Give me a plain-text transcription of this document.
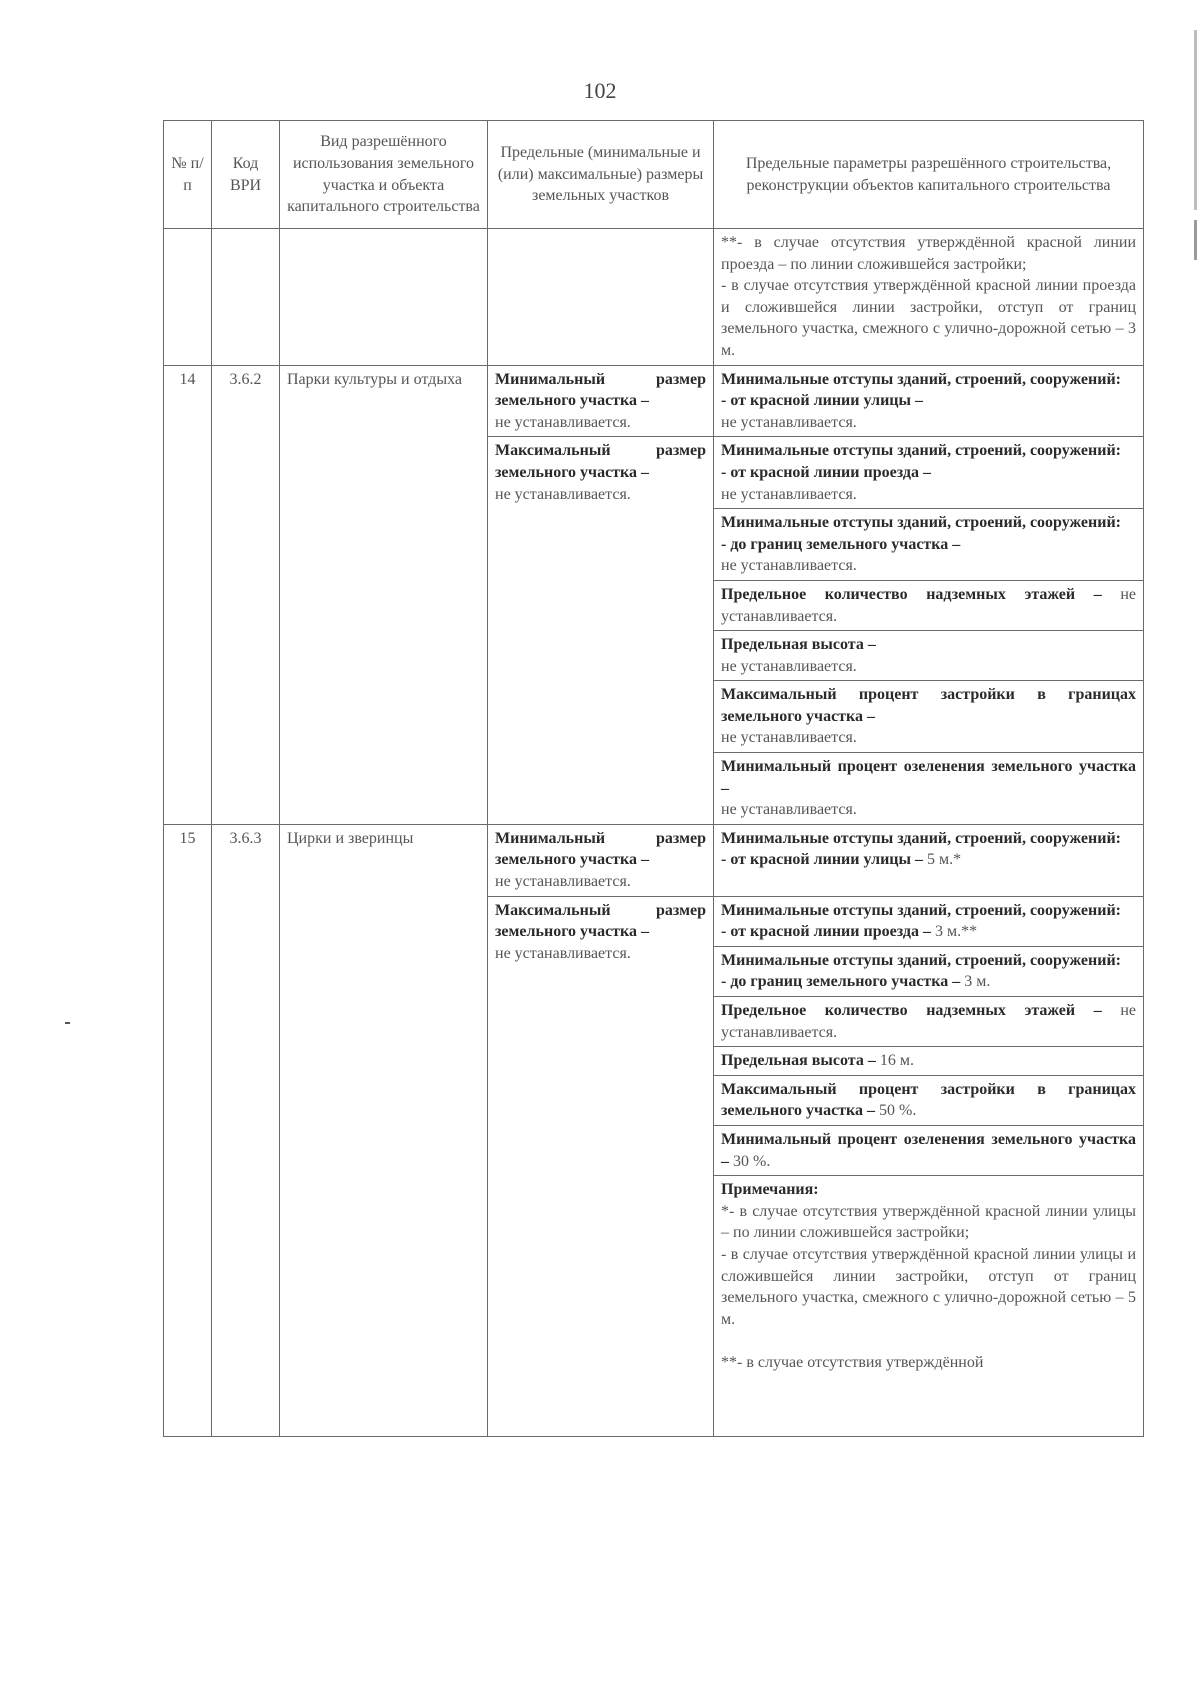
102
№ п/п	Код ВРИ	Вид разрешённого использования земельного участка и объекта капитального строительства	Предельные (минимальные и (или) максимальные) размеры земельных участков	Предельные параметры разрешённого строительства, реконструкции объектов капитального строительства

				**- в случае отсутствия утверждённой красной линии проезда – по линии сложившейся застройки;
- в случае отсутствия утверждённой красной линии проезда и сложившейся линии застройки, отступ от границ земельного участка, смежного с улично-дорожной сетью – 3 м.

14	3.6.2	Парки культуры и отдыха	Минимальный размер земельного участка –
не устанавливается.	Минимальные отступы зданий, строений, сооружений:
- от красной линии улицы –
не устанавливается.

			Максимальный размер земельного участка –
не устанавливается.	Минимальные отступы зданий, строений, сооружений:
- от красной линии проезда –
не устанавливается.

				Минимальные отступы зданий, строений, сооружений:
- до границ земельного участка –
не устанавливается.

				Предельное количество надземных этажей – не устанавливается.

				Предельная высота –
не устанавливается.

				Максимальный процент застройки в границах земельного участка –
не устанавливается.

				Минимальный процент озеленения земельного участка –
не устанавливается.

15	3.6.3	Цирки и зверинцы	Минимальный размер земельного участка –
не устанавливается.	Минимальные отступы зданий, строений, сооружений:
- от красной линии улицы – 5 м.*
			Максимальный размер земельного участка –
не устанавливается.	Минимальные отступы зданий, строений, сооружений:
- от красной линии проезда – 3 м.**

				Минимальные отступы зданий, строений, сооружений:
- до границ земельного участка – 3 м.
				Предельное количество надземных этажей – не устанавливается.
				Предельная высота – 16 м.
				Максимальный процент застройки в границах земельного участка – 50 %.
				Минимальный процент озеленения земельного участка – 30 %.

				Примечания:
*- в случае отсутствия утверждённой красной линии улицы – по линии сложившейся застройки;
- в случае отсутствия утверждённой красной линии улицы и сложившейся линии застройки, отступ от границ земельного участка, смежного с улично-дорожной сетью – 5 м.
**- в случае отсутствия утверждённой
